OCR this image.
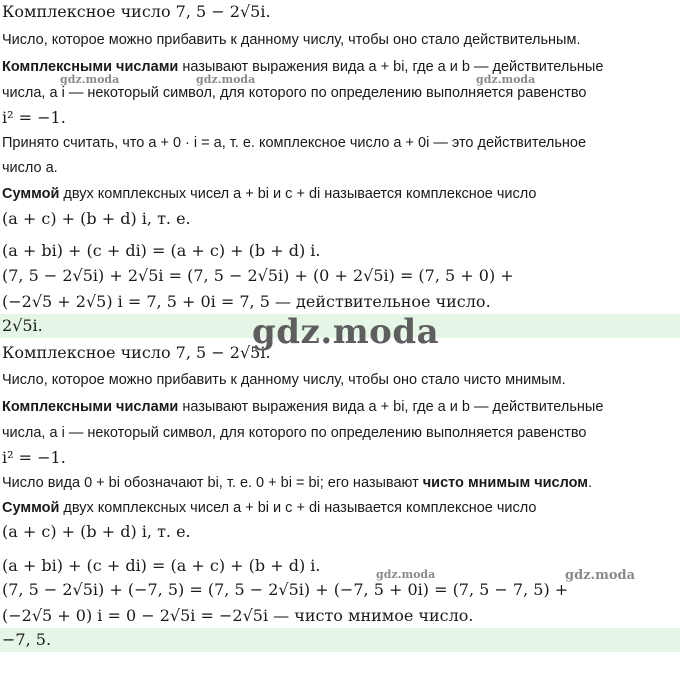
Комплексное число 7, 5 − 2√5i.
Число, которое можно прибавить к данному числу, чтобы оно стало действительным.
Комплексными числами называют выражения вида a + bi, где a и b — действительные
числа, а i — некоторый символ, для которого по определению выполняется равенство
i² = −1.
Принято считать, что a + 0 · i = a, т. е. комплексное число a + 0i — это действительное
число a.
Суммой двух комплексных чисел a + bi и c + di называется комплексное число
(a + c) + (b + d) i, т. е.
(a + bi) + (c + di) = (a + c) + (b + d) i.
(7, 5 − 2√5i) + 2√5i = (7, 5 − 2√5i) + (0 + 2√5i) = (7, 5 + 0) +
(−2√5 + 2√5) i = 7, 5 + 0i = 7, 5 — действительное число.
2√5i.
Комплексное число 7, 5 − 2√5i.
Число, которое можно прибавить к данному числу, чтобы оно стало чисто мнимым.
Комплексными числами называют выражения вида a + bi, где a и b — действительные
числа, а i — некоторый символ, для которого по определению выполняется равенство
i² = −1.
Число вида 0 + bi обозначают bi, т. е. 0 + bi = bi; его называют чисто мнимым числом.
Суммой двух комплексных чисел a + bi и c + di называется комплексное число
(a + c) + (b + d) i, т. е.
(a + bi) + (c + di) = (a + c) + (b + d) i.
(7, 5 − 2√5i) + (−7, 5) = (7, 5 − 2√5i) + (−7, 5 + 0i) = (7, 5 − 7, 5) +
(−2√5 + 0) i = 0 − 2√5i = −2√5i — чисто мнимое число.
−7, 5.
gdz.moda	gdz.moda	gdz.moda
gdz.moda
gdz.moda	gdz.moda
